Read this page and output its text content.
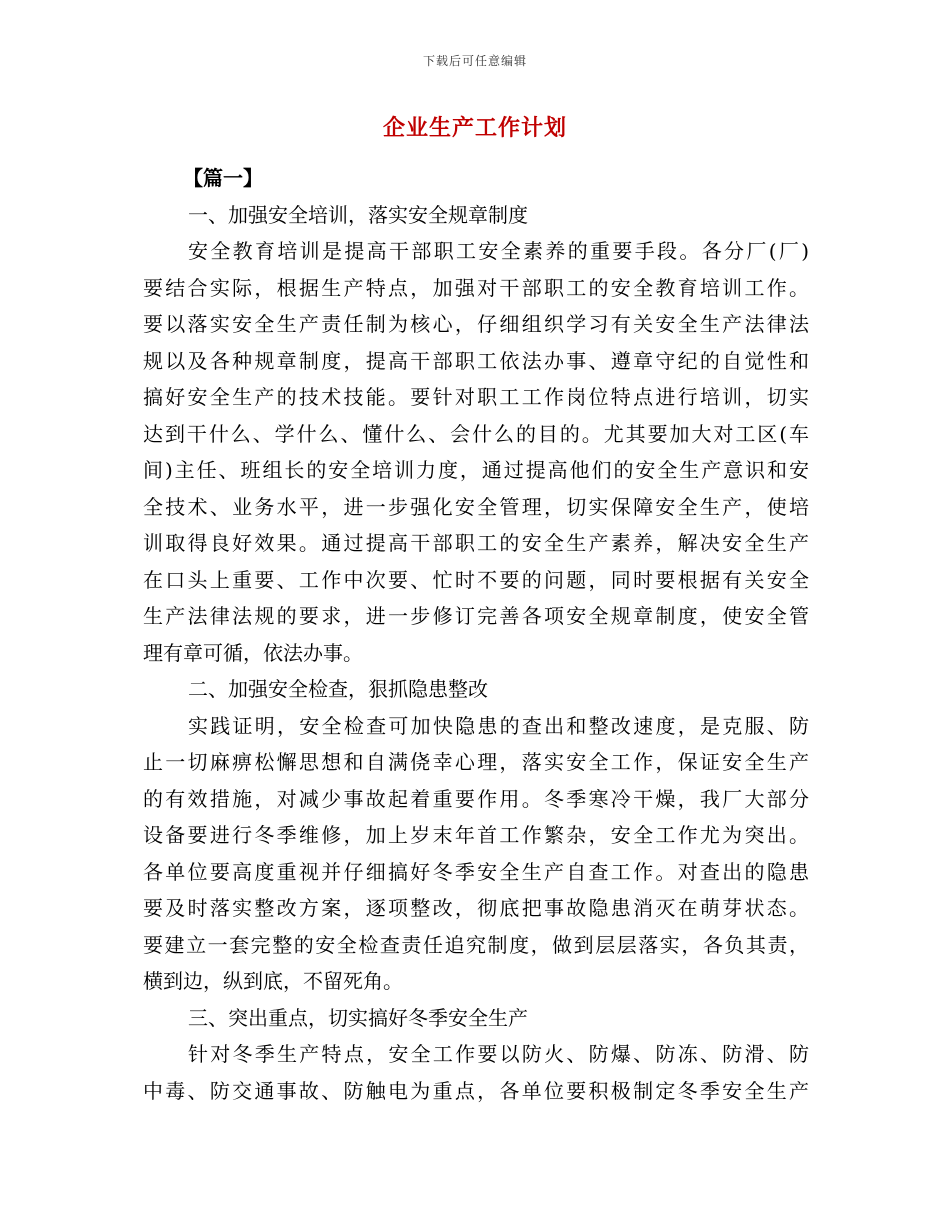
下载后可任意编辑
企业生产工作计划
【篇一】
一、加强安全培训，落实安全规章制度
安全教育培训是提高干部职工安全素养的重要手段。各分厂(厂)
要结合实际，根据生产特点，加强对干部职工的安全教育培训工作。
要以落实安全生产责任制为核心，仔细组织学习有关安全生产法律法
规以及各种规章制度，提高干部职工依法办事、遵章守纪的自觉性和
搞好安全生产的技术技能。要针对职工工作岗位特点进行培训，切实
达到干什么、学什么、懂什么、会什么的目的。尤其要加大对工区(车
间)主任、班组长的安全培训力度，通过提高他们的安全生产意识和安
全技术、业务水平，进一步强化安全管理，切实保障安全生产，使培
训取得良好效果。通过提高干部职工的安全生产素养，解决安全生产
在口头上重要、工作中次要、忙时不要的问题，同时要根据有关安全
生产法律法规的要求，进一步修订完善各项安全规章制度，使安全管
理有章可循，依法办事。
二、加强安全检查，狠抓隐患整改
实践证明，安全检查可加快隐患的查出和整改速度，是克服、防
止一切麻痹松懈思想和自满侥幸心理，落实安全工作，保证安全生产
的有效措施，对减少事故起着重要作用。冬季寒冷干燥，我厂大部分
设备要进行冬季维修，加上岁末年首工作繁杂，安全工作尤为突出。
各单位要高度重视并仔细搞好冬季安全生产自查工作。对查出的隐患
要及时落实整改方案，逐项整改，彻底把事故隐患消灭在萌芽状态。
要建立一套完整的安全检查责任追究制度，做到层层落实，各负其责，
横到边，纵到底，不留死角。
三、突出重点，切实搞好冬季安全生产
针对冬季生产特点，安全工作要以防火、防爆、防冻、防滑、防
中毒、防交通事故、防触电为重点，各单位要积极制定冬季安全生产
